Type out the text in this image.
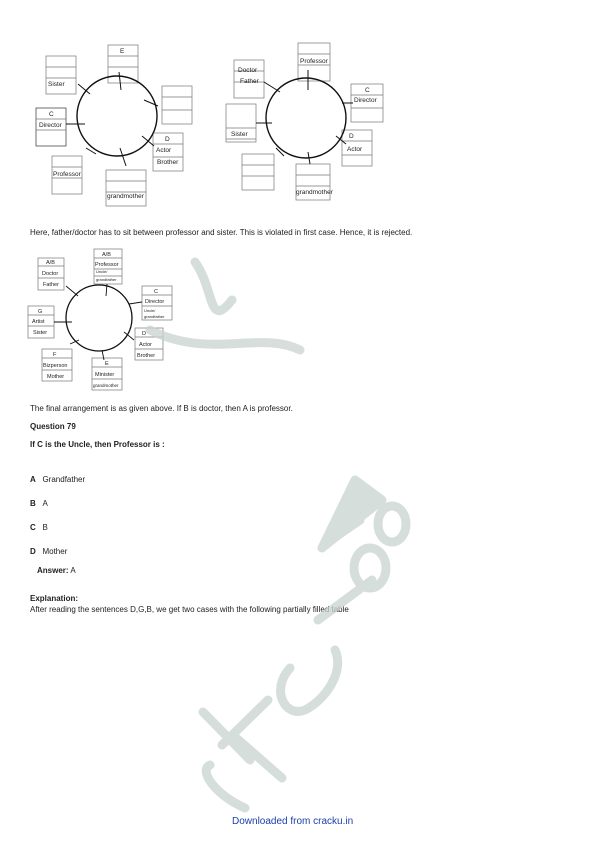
E
Sister
C
Director
Professor
grandmother
D
Actor
Brother
Professor
Doctor
Father
C
Director
Sister	D
Actor
grandmother
Here, father/doctor has to sit between professor and sister. This is violated in first case. Hence, it is rejected.
A/B
Doctor
Father
A/B
Professor
Uncle/
grandfather
C
Director
Uncle/
grandfather
G
Artist
Sister	D
Actor
Brother
F
Bizperson
Mother
E
Minister
grandmother
The final arrangement is as given above. If B is doctor, then A is professor.
Question 79
If C is the Uncle, then Professor is :
A Grandfather
B A
C B
D Mother
Answer: A
Explanation:
After reading the sentences D,G,B, we get two cases with the following partially filled table
Downloaded from cracku.in
